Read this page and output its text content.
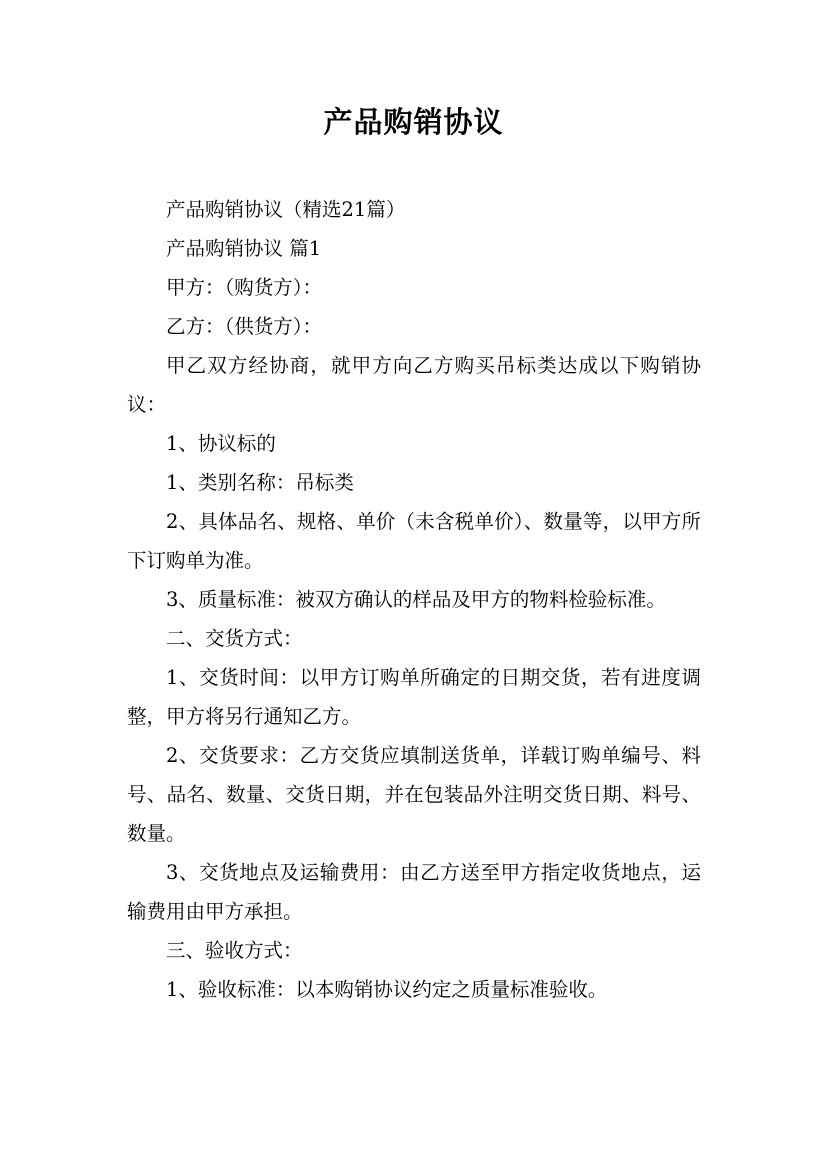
产品购销协议

产品购销协议（精选21篇）

产品购销协议 篇1

甲方：（购货方）：

乙方：（供货方）：

甲乙双方经协商，就甲方向乙方购买吊标类达成以下购销协议：

1、协议标的

1、类别名称：吊标类

2、具体品名、规格、单价（未含税单价）、数量等，以甲方所下订购单为准。

3、质量标准：被双方确认的样品及甲方的物料检验标准。

二、交货方式：

1、交货时间：以甲方订购单所确定的日期交货，若有进度调整，甲方将另行通知乙方。

2、交货要求：乙方交货应填制送货单，详载订购单编号、料号、品名、数量、交货日期，并在包装品外注明交货日期、料号、数量。

3、交货地点及运输费用：由乙方送至甲方指定收货地点，运输费用由甲方承担。

三、验收方式：

1、验收标准：以本购销协议约定之质量标准验收。
